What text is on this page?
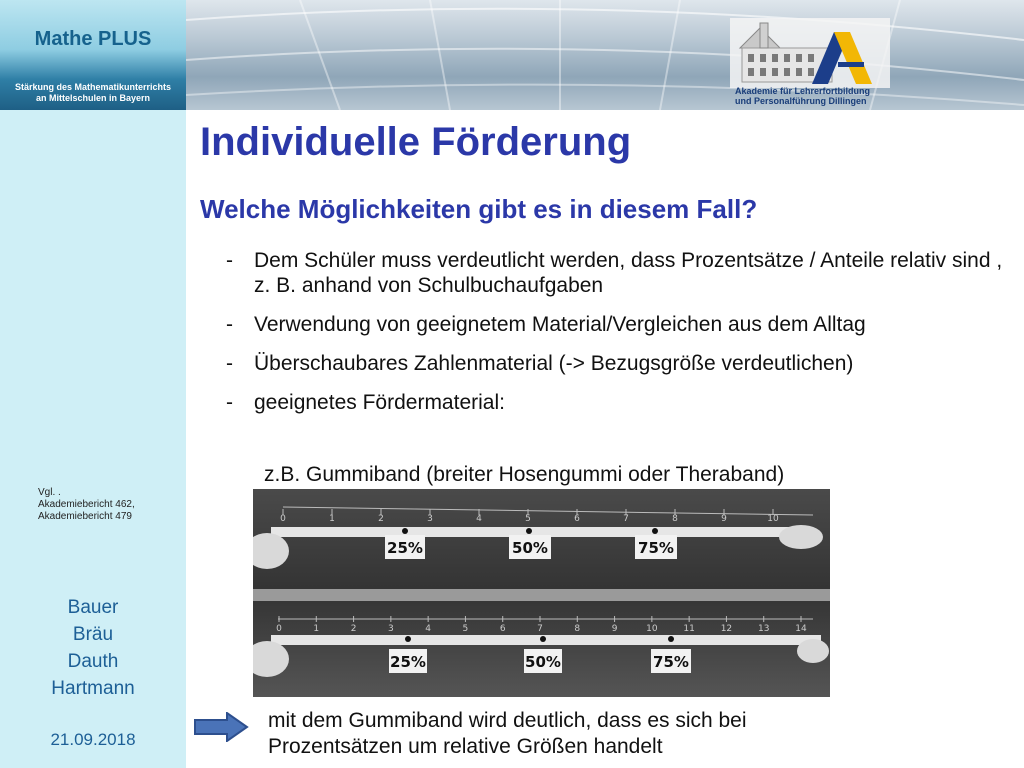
Mathe PLUS
Stärkung des Mathematikunterrichts
an Mittelschulen in Bayern
Akademie für Lehrerfortbildung
und Personalführung Dillingen
Vgl. .
Akademiebericht 462,
Akademiebericht 479
Bauer
Bräu
Dauth
Hartmann
21.09.2018
Individuelle Förderung
Welche Möglichkeiten gibt es in diesem Fall?
- Dem Schüler muss verdeutlicht werden, dass Prozentsätze / Anteile relativ sind , z. B. anhand von Schulbuchaufgaben
- Verwendung von geeignetem Material/Vergleichen aus dem Alltag
- Überschaubares Zahlenmaterial (-> Bezugsgröße verdeutlichen)
- geeignetes Fördermaterial:
z.B. Gummiband (breiter Hosengummi oder Theraband)
0	1	2	3	4	5	6	7	8	9	10
0	1	2	3	4	5	6	7	8	9	10	11	12	13	14
25%	50%	75%
25%	50%	75%
mit dem Gummiband wird deutlich, dass es sich bei
Prozentsätzen um relative Größen handelt
